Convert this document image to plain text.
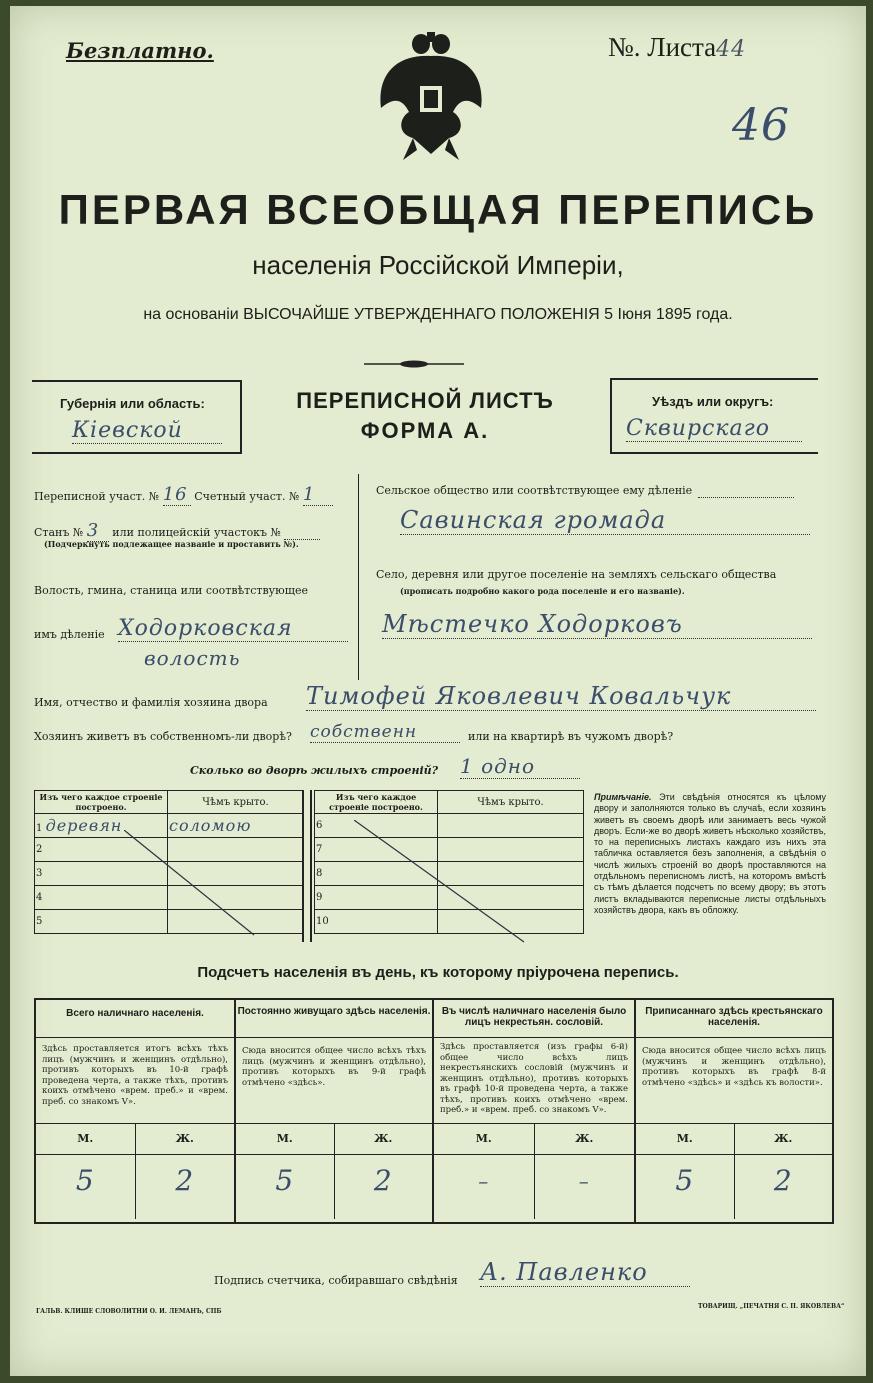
Безплатно.	№. Листа44
46
ПЕРВАЯ ВСЕОБЩАЯ ПЕРЕПИСЬ
населенія Россійской Имперіи,
на основаніи ВЫСОЧАЙШЕ УТВЕРЖДЕННАГО ПОЛОЖЕНІЯ 5 Іюня 1895 года.
Губернія или область:
Кіевской
ПЕРЕПИСНОЙ ЛИСТЪ
ФОРМА А.
Уѣздъ или округъ:
Сквирскаго
Переписной участ. № 16 Счетный участ. № 1
Станъ № 3 или полицейскій участокъ №
(Подчеркнуть подлежащее названіе и проставить №).
Волость, гмина, станица или соотвѣтствующее
имъ дѣленіе Ходорковская
волость
Сельское общество или соотвѣтствующее ему дѣленіе
Савинская громада
Село, деревня или другое поселеніе на земляхъ сельскаго общества
(прописать подробно какого рода поселеніе и его названіе).
Мѣстечко Ходорковъ
Имя, отчество и фамилія хозяина двора Тимофей Яковлевич Ковальчук
Хозяинъ живетъ въ собственномъ-ли дворѣ? собственн	или на квартирѣ въ чужомъ дворѣ?
Сколько во дворѣ жилыхъ строеній? 1 одно
Изъ чего каждое строеніе построено.	Чѣмъ крыто.
1 деревян	соломою
2	
3	
4	
5	
Изъ чего каждое строеніе построено.	Чѣмъ крыто.
6	
7	
8	
9	
10	
Примѣчаніе. Эти свѣдѣнія относятся къ цѣлому двору и заполняются только въ случаѣ, если хозяинъ живетъ въ своемъ дворѣ или занимаетъ весь чужой дворъ. Если-же во дворѣ живетъ нѣсколько хозяйствъ, то на переписныхъ листахъ каждаго изъ нихъ эта табличка оставляется безъ заполненія, а свѣдѣнія о числѣ жилыхъ строеній во дворѣ проставляются на отдѣльномъ переписномъ листѣ, на которомъ вмѣстѣ съ тѣмъ дѣлается подсчетъ по всему двору; въ этотъ листъ вкладываются переписные листы отдѣльныхъ хозяйствъ двора, какъ въ обложку.
Подсчетъ населенія въ день, къ которому пріурочена перепись.
Всего наличнаго населенія.
Здѣсь проставляется итогъ всѣхъ тѣхъ лицъ (мужчинъ и женщинъ отдѣльно), противъ которыхъ въ 10-й графѣ проведена черта, а также тѣхъ, противъ коихъ отмѣчено «врем. преб.» и «врем. преб. со знакомъ V».
М.	Ж.
5	2
Постоянно живущаго здѣсь населенія.
Сюда вносится общее число всѣхъ тѣхъ лицъ (мужчинъ и женщинъ отдѣльно), противъ которыхъ въ 9-й графѣ отмѣчено «здѣсь».
М.	Ж.
5	2
Въ числѣ наличнаго населенія было лицъ некрестьян. сословій.
Здѣсь проставляется (изъ графы 6-й) общее число всѣхъ лицъ некрестьянскихъ сословій (мужчинъ и женщинъ отдѣльно), противъ которыхъ въ графѣ 10-й проведена черта, а также тѣхъ, противъ коихъ отмѣчено «врем. преб.» и «врем. преб. со знакомъ V».
М.	Ж.
–	–
Приписаннаго здѣсь крестьянскаго населенія.
Сюда вносится общее число всѣхъ лицъ (мужчинъ и женщинъ отдѣльно), противъ которыхъ въ графѣ 8-й отмѣчено «здѣсь» и «здѣсь къ волости».
М.	Ж.
5	2
Подпись счетчика, собиравшаго свѣдѣнія А. Павленко
ГАЛЬВ. КЛИШЕ СЛОВОЛИТНИ О. И. ЛЕМАНЪ, СПБ
ТОВАРИЩ. „ПЕЧАТНЯ С. П. ЯКОВЛЕВА“
